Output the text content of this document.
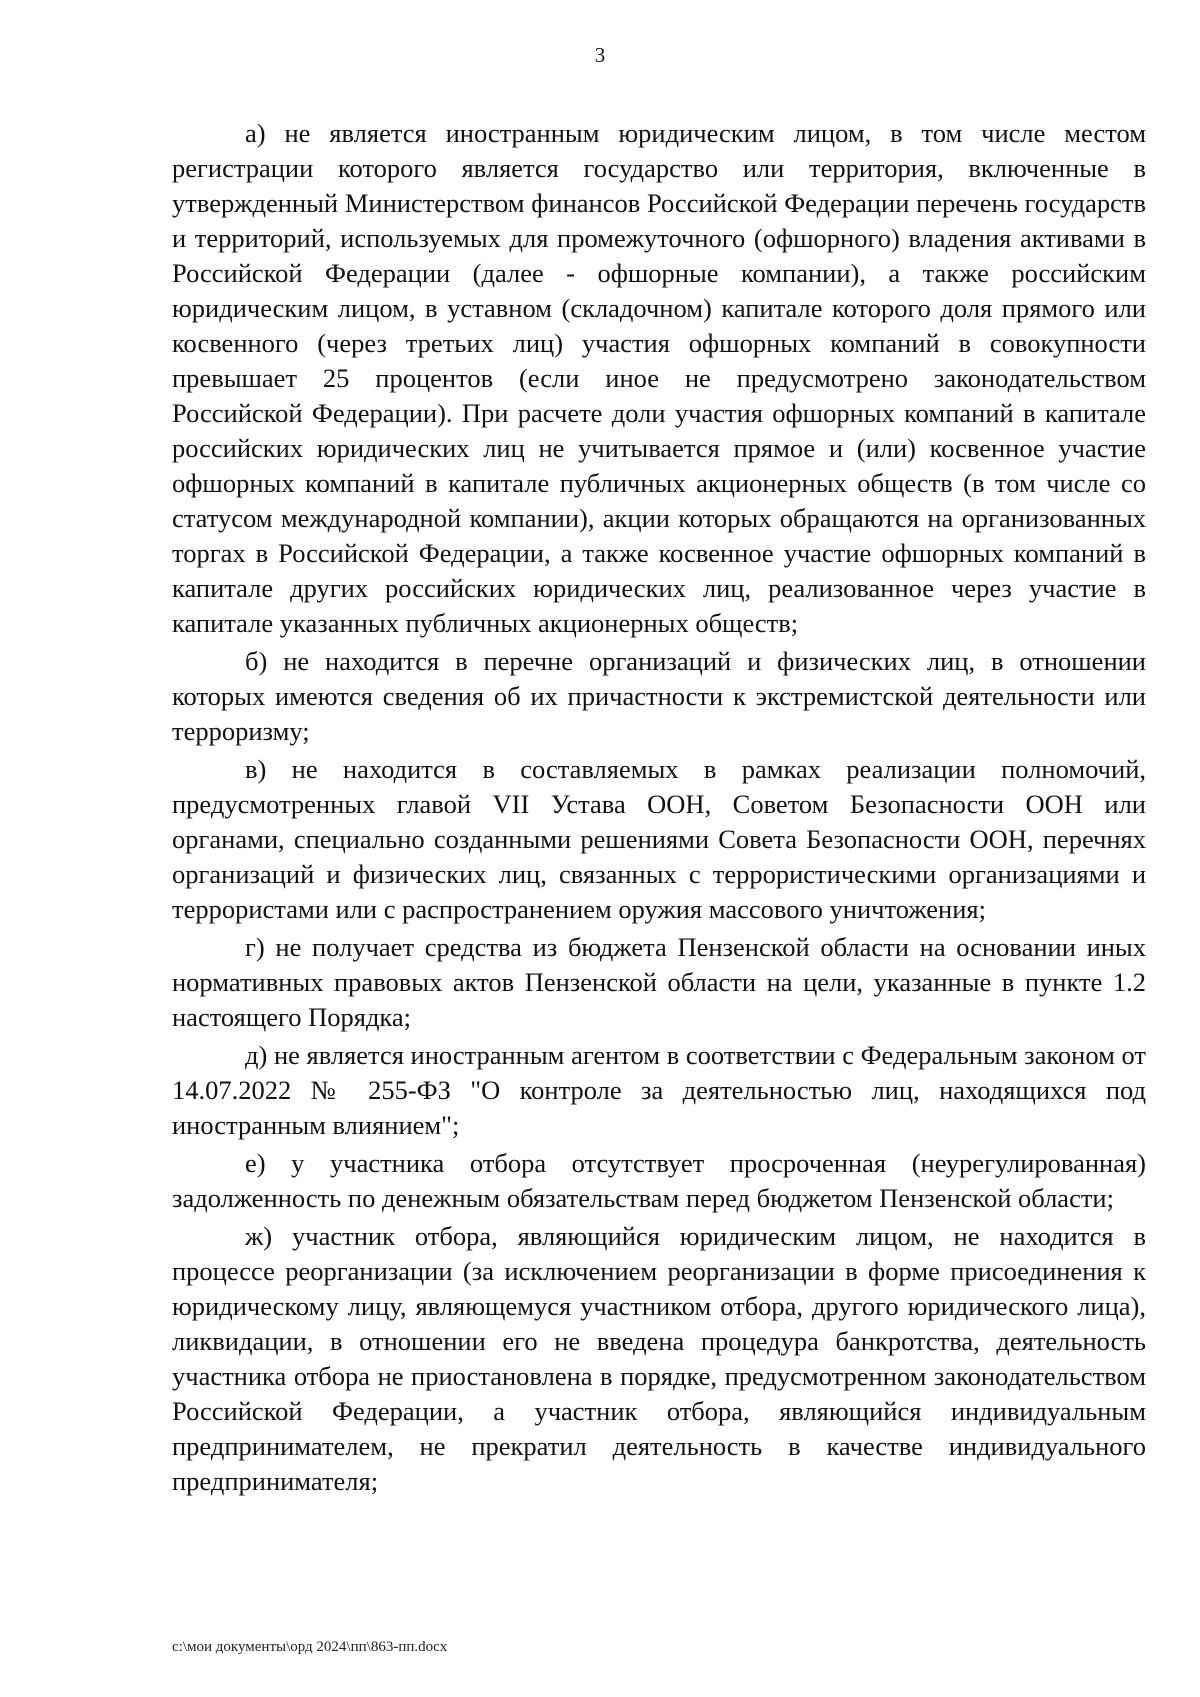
3

а) не является иностранным юридическим лицом, в том числе местом регистрации которого является государство или территория, включенные в утвержденный Министерством финансов Российской Федерации перечень государств и территорий, используемых для промежуточного (офшорного) владения активами в Российской Федерации (далее - офшорные компании), а также российским юридическим лицом, в уставном (складочном) капитале которого доля прямого или косвенного (через третьих лиц) участия офшорных компаний в совокупности превышает 25 процентов (если иное не предусмотрено законодательством Российской Федерации). При расчете доли участия офшорных компаний в капитале российских юридических лиц не учитывается прямое и (или) косвенное участие офшорных компаний в капитале публичных акционерных обществ (в том числе со статусом международной компании), акции которых обращаются на организованных торгах в Российской Федерации, а также косвенное участие офшорных компаний в капитале других российских юридических лиц, реализованное через участие в капитале указанных публичных акционерных обществ;

б) не находится в перечне организаций и физических лиц, в отношении которых имеются сведения об их причастности к экстремистской деятельности или терроризму;

в) не находится в составляемых в рамках реализации полномочий, предусмотренных главой VII Устава ООН, Советом Безопасности ООН или органами, специально созданными решениями Совета Безопасности ООН, перечнях организаций и физических лиц, связанных с террористическими организациями и террористами или с распространением оружия массового уничтожения;

г) не получает средства из бюджета Пензенской области на основании иных нормативных правовых актов Пензенской области на цели, указанные в пункте 1.2 настоящего Порядка;

д) не является иностранным агентом в соответствии с Федеральным законом от 14.07.2022 № 255-ФЗ "О контроле за деятельностью лиц, находящихся под иностранным влиянием";

е) у участника отбора отсутствует просроченная (неурегулированная) задолженность по денежным обязательствам перед бюджетом Пензенской области;

ж) участник отбора, являющийся юридическим лицом, не находится в процессе реорганизации (за исключением реорганизации в форме присоединения к юридическому лицу, являющемуся участником отбора, другого юридического лица), ликвидации, в отношении его не введена процедура банкротства, деятельность участника отбора не приостановлена в порядке, предусмотренном законодательством Российской Федерации, а участник отбора, являющийся индивидуальным предпринимателем, не прекратил деятельность в качестве индивидуального предпринимателя;

c:\мои документы\орд 2024\пп\863-пп.docx
